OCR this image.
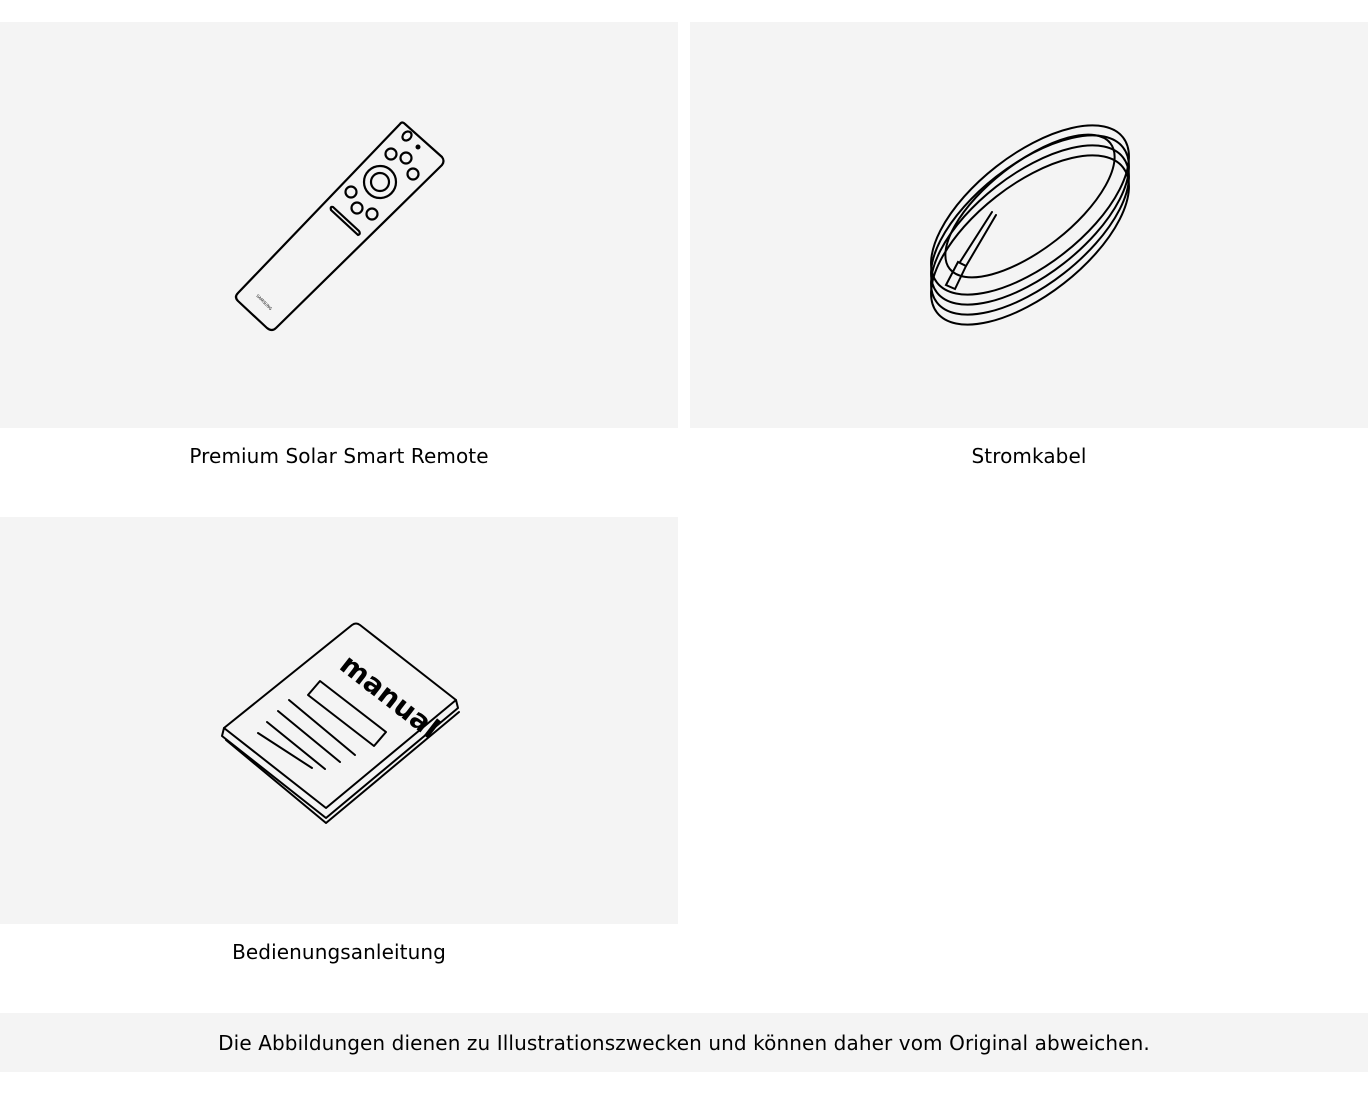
SAMSUNG
Premium Solar Smart Remote	Stromkabel
manual
Bedienungsanleitung
Die Abbildungen dienen zu Illustrationszwecken und können daher vom Original abweichen.
